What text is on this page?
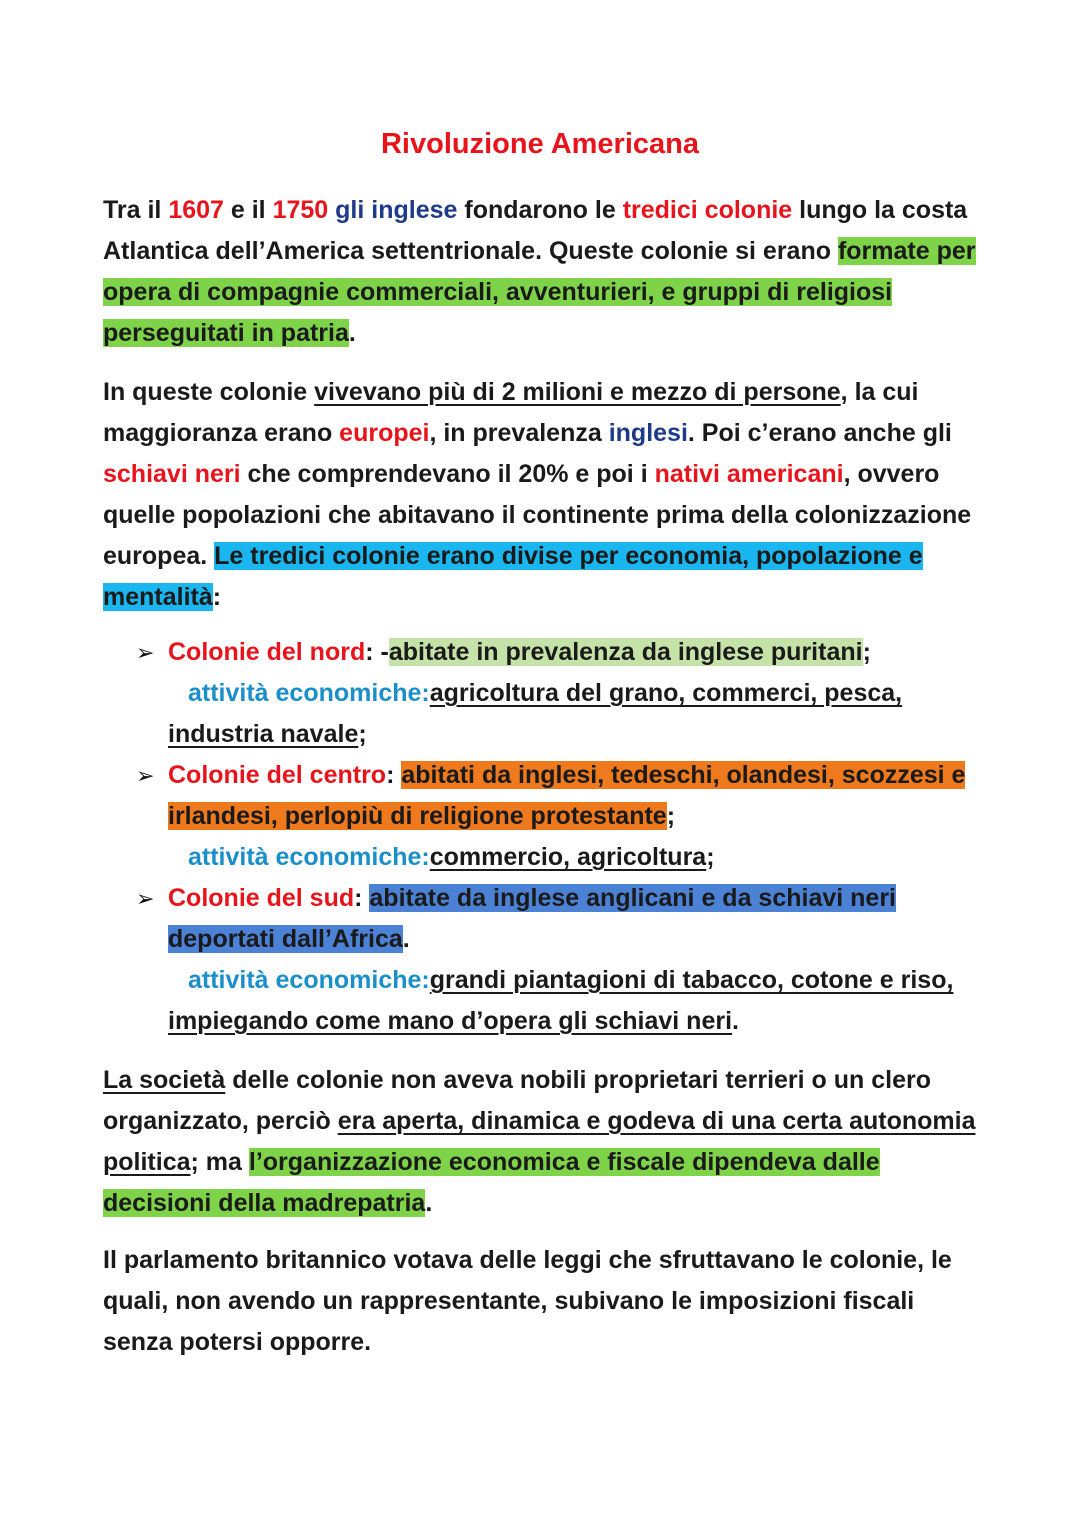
Rivoluzione Americana

Tra il 1607 e il 1750 gli inglese fondarono le tredici colonie lungo la costa Atlantica dell’America settentrionale. Queste colonie si erano formate per opera di compagnie commerciali, avventurieri, e gruppi di religiosi perseguitati in patria.

In queste colonie vivevano più di 2 milioni e mezzo di persone, la cui maggioranza erano europei, in prevalenza inglesi. Poi c’erano anche gli schiavi neri che comprendevano il 20% e poi i nativi americani, ovvero quelle popolazioni che abitavano il continente prima della colonizzazione europea. Le tredici colonie erano divise per economia, popolazione e mentalità:

➢ Colonie del nord: -abitate in prevalenza da inglese puritani;
attività economiche:agricoltura del grano, commerci, pesca, industria navale;
➢ Colonie del centro: abitati da inglesi, tedeschi, olandesi, scozzesi e irlandesi, perlopiù di religione protestante;
attività economiche:commercio, agricoltura;
➢ Colonie del sud: abitate da inglese anglicani e da schiavi neri deportati dall’Africa.
attività economiche:grandi piantagioni di tabacco, cotone e riso, impiegando come mano d’opera gli schiavi neri.

La società delle colonie non aveva nobili proprietari terrieri o un clero organizzato, perciò era aperta, dinamica e godeva di una certa autonomia politica; ma l’organizzazione economica e fiscale dipendeva dalle decisioni della madrepatria.

Il parlamento britannico votava delle leggi che sfruttavano le colonie, le quali, non avendo un rappresentante, subivano le imposizioni fiscali senza potersi opporre.
